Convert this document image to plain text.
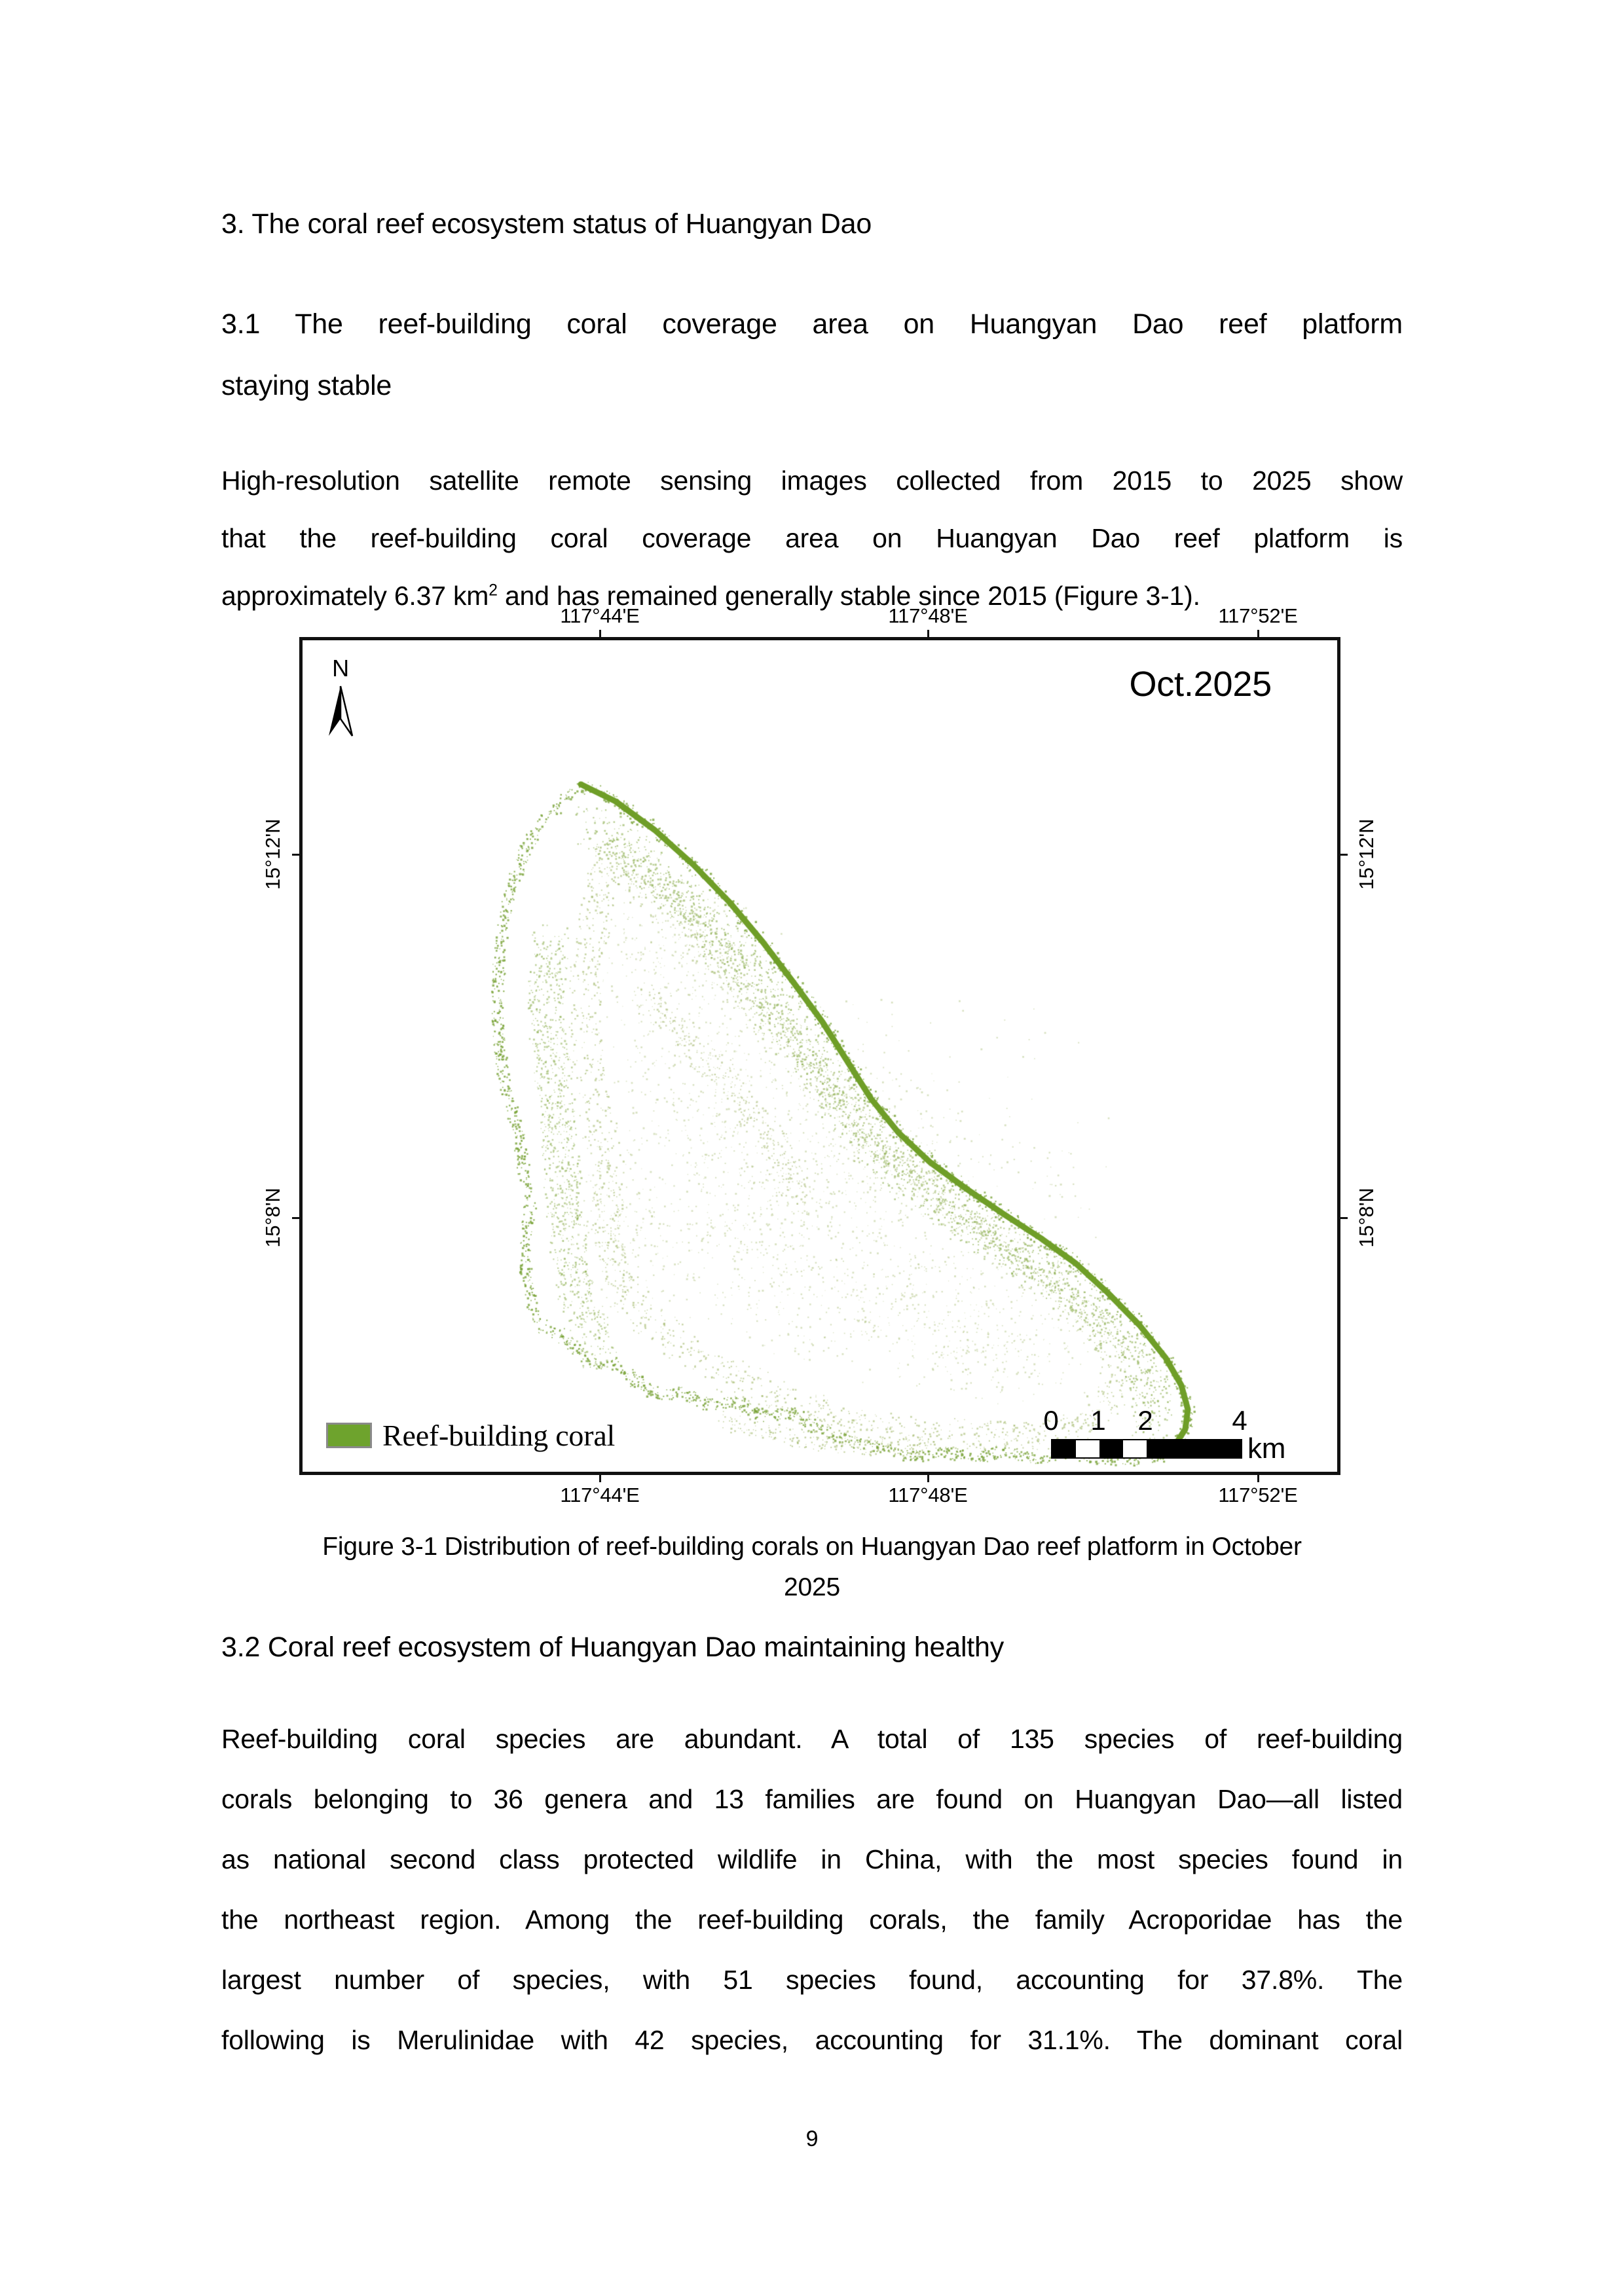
3. The coral reef ecosystem status of Huangyan Dao
3.1 The reef-building coral coverage area on Huangyan Dao reef platform
staying stable
High-resolution satellite remote sensing images collected from 2015 to 2025 show
that the reef-building coral coverage area on Huangyan Dao reef platform is
approximately 6.37 $km^2$ and has remained generally stable since 2015 (Figure 3-1).
N	Oct.2025
Reef-building coral	km
0 1 2	4
117°44'E	117°48'E	117°52'E
117°44'E	117°48'E	117°52'E
15°12'N
15°8'N
15°12'N
15°8'N
Figure 3-1 Distribution of reef-building corals on Huangyan Dao reef platform in October
2025
3.2 Coral reef ecosystem of Huangyan Dao maintaining healthy
Reef-building coral species are abundant. A total of 135 species of reef-building
corals belonging to 36 genera and 13 families are found on Huangyan Dao—all listed
as national second class protected wildlife in China, with the most species found in
the northeast region. Among the reef-building corals, the family Acroporidae has the
largest number of species, with 51 species found, accounting for 37.8%. The
following is Merulinidae with 42 species, accounting for 31.1%. The dominant coral
9
